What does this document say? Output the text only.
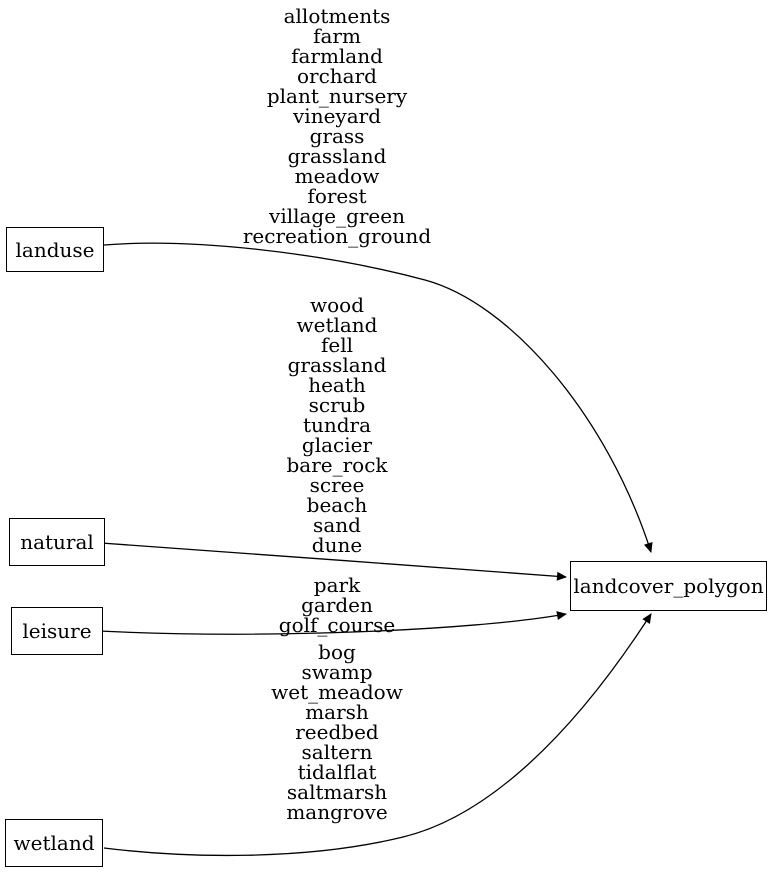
allotments
farm
farmland
orchard
plant_nursery
vineyard
grass
grassland
meadow
forest
village_green
recreation_ground
wood
wetland
fell
grassland
heath
scrub
tundra
glacier
bare_rock
scree
beach
sand
dune
park
garden
golf_course
bog
swamp
wet_meadow
marsh
reedbed
saltern
tidalflat
saltmarsh
mangrove
landuse
natural
leisure
wetland
landcover_polygon
